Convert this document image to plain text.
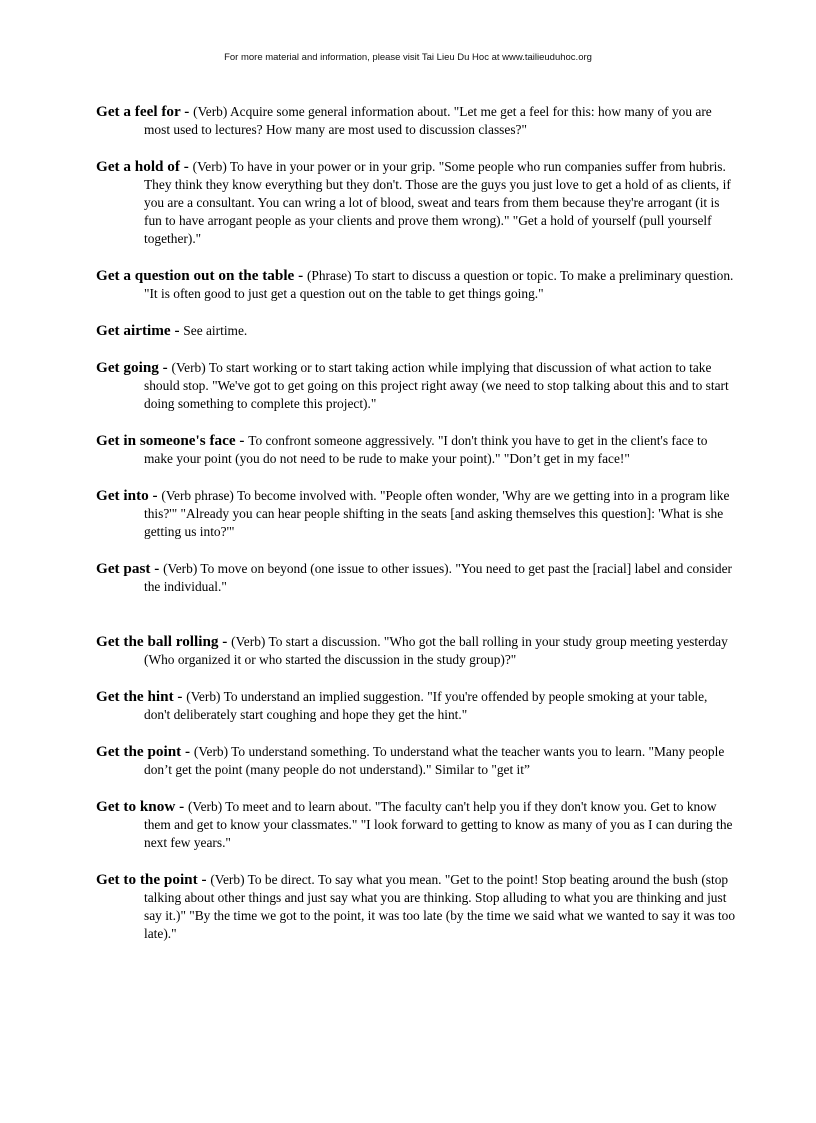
For more material and information, please visit Tai Lieu Du Hoc at www.tailieuduhoc.org

Get a feel for - (Verb) Acquire some general information about. "Let me get a feel for this: how many of you are most used to lectures? How many are most used to discussion classes?"

Get a hold of - (Verb) To have in your power or in your grip. "Some people who run companies suffer from hubris. They think they know everything but they don't. Those are the guys you just love to get a hold of as clients, if you are a consultant. You can wring a lot of blood, sweat and tears from them because they're arrogant (it is fun to have arrogant people as your clients and prove them wrong)." "Get a hold of yourself (pull yourself together)."

Get a question out on the table - (Phrase) To start to discuss a question or topic. To make a preliminary question. "It is often good to just get a question out on the table to get things going."

Get airtime - See airtime.

Get going - (Verb) To start working or to start taking action while implying that discussion of what action to take should stop. "We've got to get going on this project right away (we need to stop talking about this and to start doing something to complete this project)."

Get in someone's face - To confront someone aggressively. "I don't think you have to get in the client's face to make your point (you do not need to be rude to make your point)." "Don’t get in my face!"

Get into - (Verb phrase) To become involved with. "People often wonder, 'Why are we getting into in a program like this?'" "Already you can hear people shifting in the seats [and asking themselves this question]: 'What is she getting us into?'"

Get past - (Verb) To move on beyond (one issue to other issues). "You need to get past the [racial] label and consider the individual."

Get the ball rolling - (Verb) To start a discussion. "Who got the ball rolling in your study group meeting yesterday (Who organized it or who started the discussion in the study group)?"

Get the hint - (Verb) To understand an implied suggestion. "If you're offended by people smoking at your table, don't deliberately start coughing and hope they get the hint."

Get the point - (Verb) To understand something. To understand what the teacher wants you to learn. "Many people don’t get the point (many people do not understand)." Similar to "get it”

Get to know - (Verb) To meet and to learn about. "The faculty can't help you if they don't know you. Get to know them and get to know your classmates." "I look forward to getting to know as many of you as I can during the next few years."

Get to the point - (Verb) To be direct. To say what you mean. "Get to the point! Stop beating around the bush (stop talking about other things and just say what you are thinking. Stop alluding to what you are thinking and just say it.)" "By the time we got to the point, it was too late (by the time we said what we wanted to say it was too late)."
